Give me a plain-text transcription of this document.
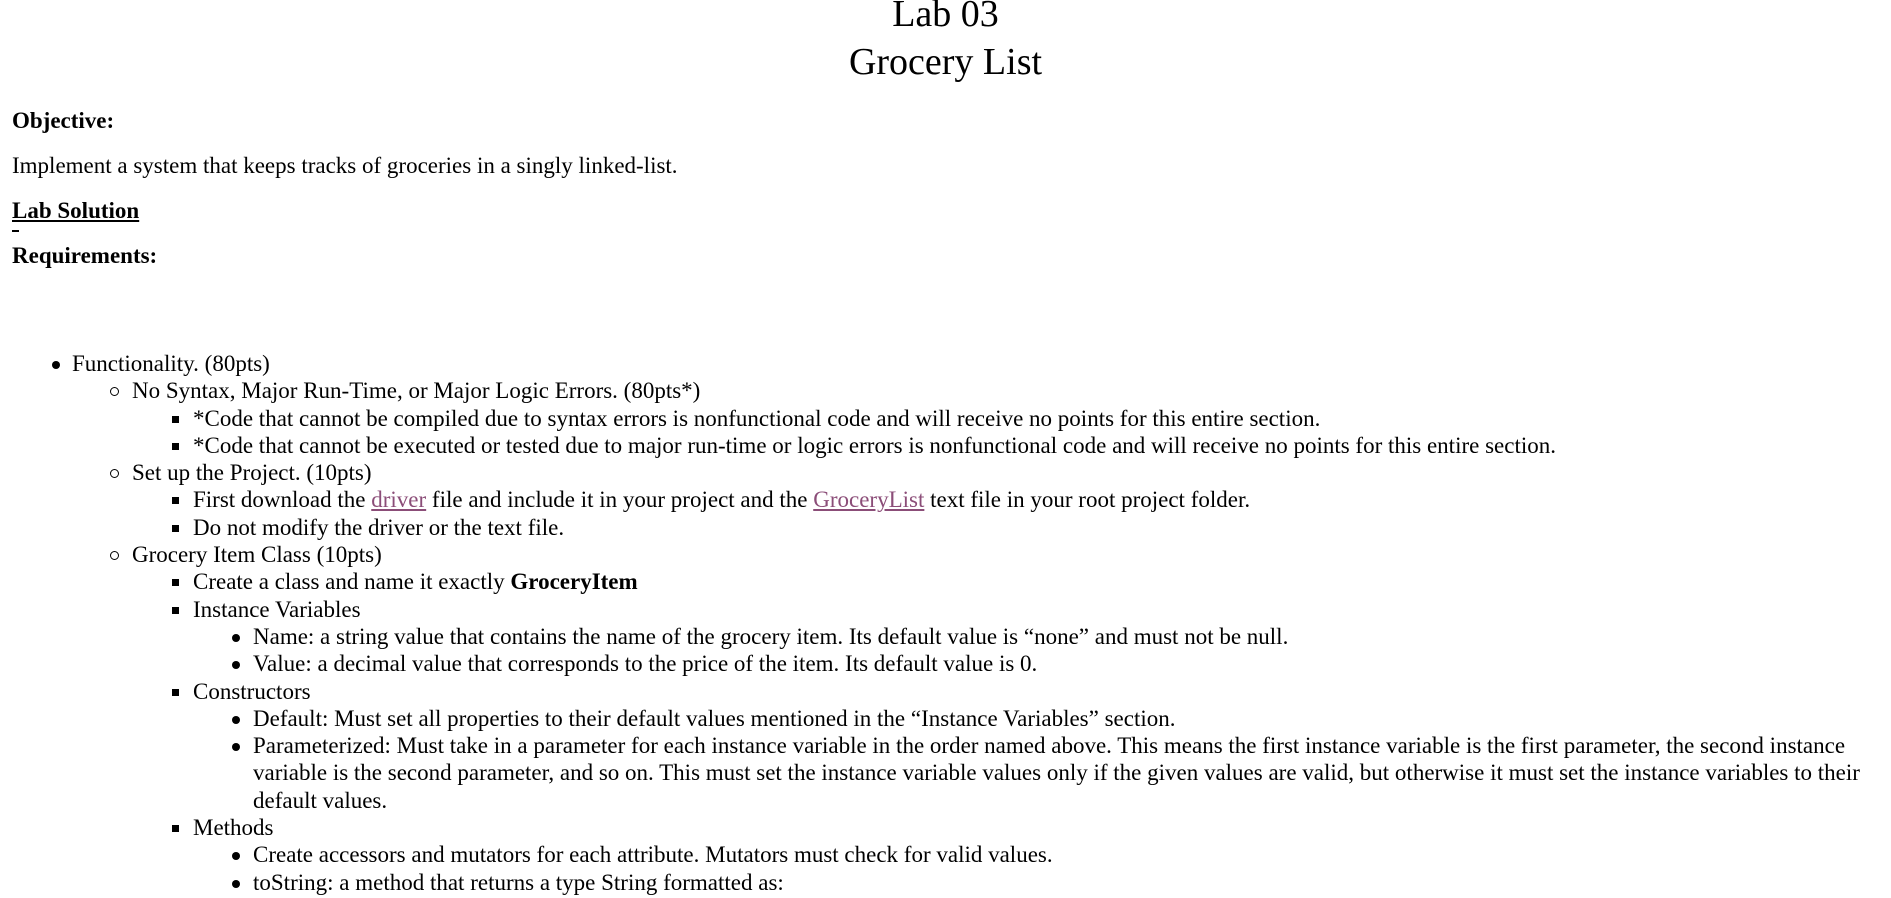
Lab 03
Grocery List
Objective:
Implement a system that keeps tracks of groceries in a singly linked-list.
Lab Solution
Requirements:
Functionality. (80pts)
No Syntax, Major Run-Time, or Major Logic Errors. (80pts*)
*Code that cannot be compiled due to syntax errors is nonfunctional code and will receive no points for this entire section.
*Code that cannot be executed or tested due to major run-time or logic errors is nonfunctional code and will receive no points for this entire section.
Set up the Project. (10pts)
First download the driver file and include it in your project and the GroceryList text file in your root project folder.
Do not modify the driver or the text file.
Grocery Item Class (10pts)
Create a class and name it exactly GroceryItem
Instance Variables
Name: a string value that contains the name of the grocery item. Its default value is “none” and must not be null.
Value: a decimal value that corresponds to the price of the item. Its default value is 0.
Constructors
Default: Must set all properties to their default values mentioned in the “Instance Variables” section.
Parameterized: Must take in a parameter for each instance variable in the order named above. This means the first instance variable is the first parameter, the second instance variable is the second parameter, and so on. This must set the instance variable values only if the given values are valid, but otherwise it must set the instance variables to their default values.
Methods
Create accessors and mutators for each attribute. Mutators must check for valid values.
toString: a method that returns a type String formatted as:
